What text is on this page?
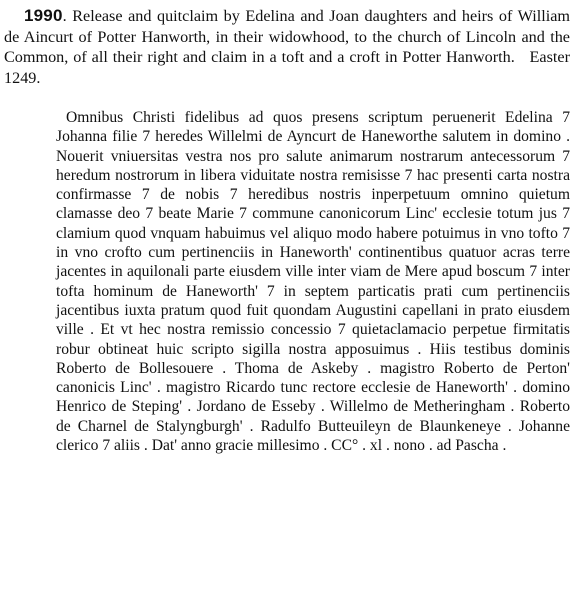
1990. Release and quitclaim by Edelina and Joan daughters and heirs of William de Aincurt of Potter Hanworth, in their widowhood, to the church of Lincoln and the Common, of all their right and claim in a toft and a croft in Potter Hanworth. Easter 1249.

Omnibus Christi fidelibus ad quos presens scriptum peruenerit Edelina 7 Johanna filie 7 heredes Willelmi de Ayncurt de Haneworthe salutem in domino . Nouerit vniuersitas vestra nos pro salute animarum nostrarum antecessorum 7 heredum nostrorum in libera viduitate nostra remisisse 7 hac presenti carta nostra confirmasse 7 de nobis 7 heredibus nostris inperpetuum omnino quietum clamasse deo 7 beate Marie 7 commune canonicorum Linc' ecclesie totum jus 7 clamium quod vnquam habuimus vel aliquo modo habere potuimus in vno tofto 7 in vno crofto cum pertinenciis in Haneworth' continentibus quatuor acras terre jacentes in aquilonali parte eiusdem ville inter viam de Mere apud boscum 7 inter tofta hominum de Haneworth' 7 in septem particatis prati cum pertinenciis jacentibus iuxta pratum quod fuit quondam Augustini capellani in prato eiusdem ville . Et vt hec nostra remissio concessio 7 quietaclamacio perpetue firmitatis robur obtineat huic scripto sigilla nostra apposuimus . Hiis testibus dominis Roberto de Bollesouere . Thoma de Askeby . magistro Roberto de Perton' canonicis Linc' . magistro Ricardo tunc rectore ecclesie de Haneworth' . domino Henrico de Steping' . Jordano de Esseby . Willelmo de Metheringham . Roberto de Charnel de Stalyngburgh' . Radulfo Butteuileyn de Blaunkeneye . Johanne clerico 7 aliis . Dat' anno gracie millesimo . CC° . xl . nono . ad Pascha .
